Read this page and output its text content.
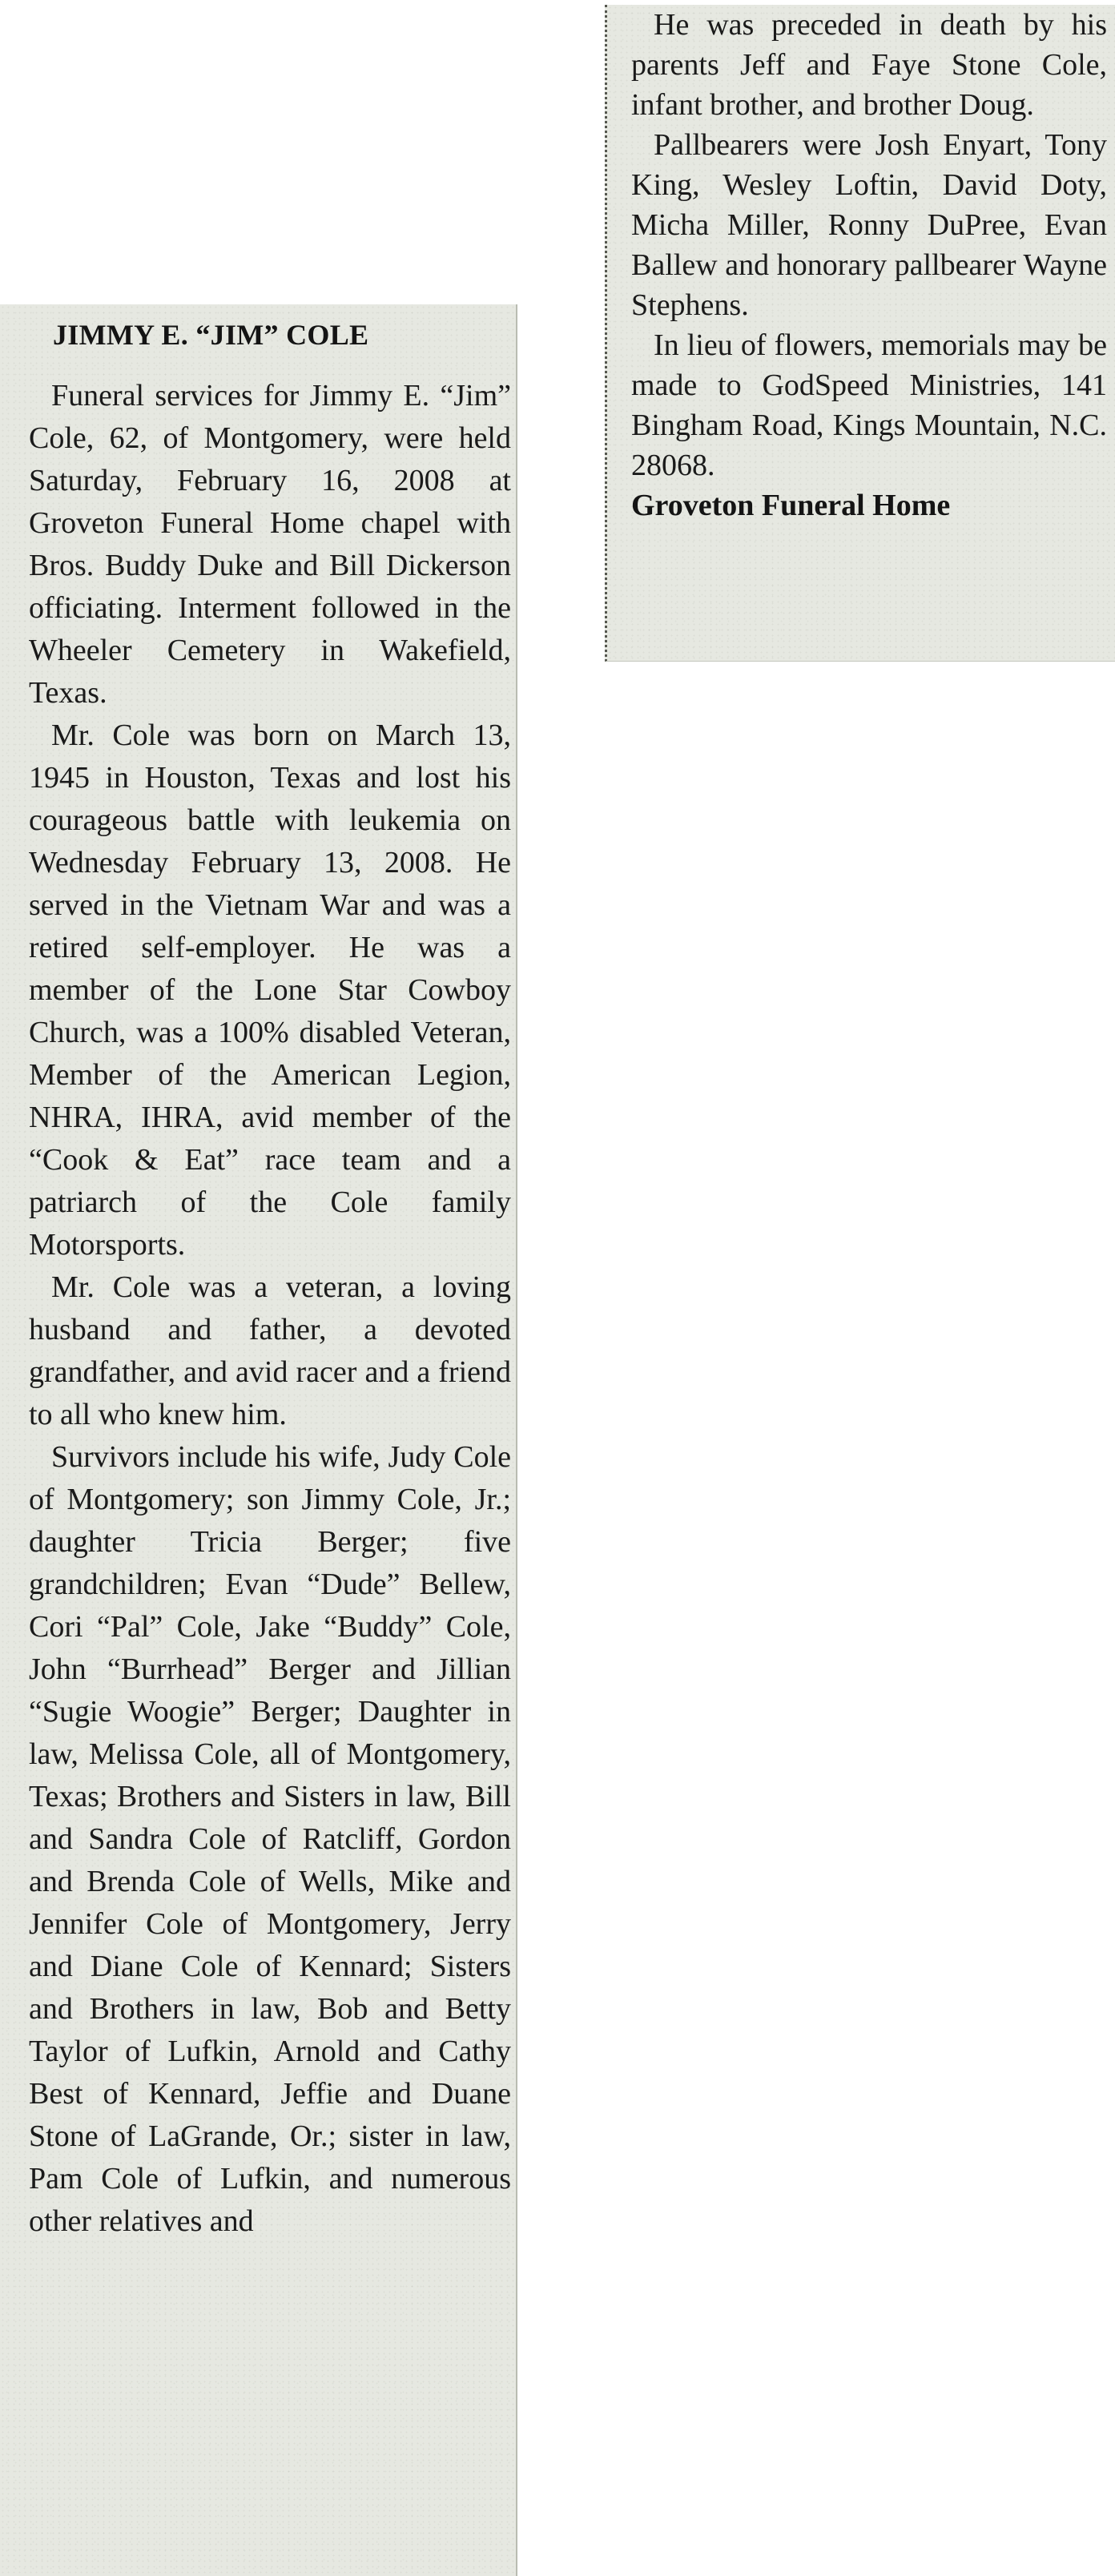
He was preceded in death by his parents Jeff and Faye Stone Cole, infant brother, and brother Doug.

Pallbearers were Josh Enyart, Tony King, Wesley Loftin, David Doty, Micha Miller, Ronny DuPree, Evan Ballew and honorary pallbearer Wayne Stephens.

In lieu of flowers, memorials may be made to GodSpeed Ministries, 141 Bingham Road, Kings Mountain, N.C. 28068.

Groveton Funeral Home

JIMMY E. “JIM” COLE

Funeral services for Jimmy E. “Jim” Cole, 62, of Montgomery, were held Saturday, February 16, 2008 at Groveton Funeral Home chapel with Bros. Buddy Duke and Bill Dickerson officiating. Interment followed in the Wheeler Cemetery in Wakefield, Texas.

Mr. Cole was born on March 13, 1945 in Houston, Texas and lost his courageous battle with leukemia on Wednesday February 13, 2008. He served in the Vietnam War and was a retired self-employer. He was a member of the Lone Star Cowboy Church, was a 100% disabled Veteran, Member of the American Legion, NHRA, IHRA, avid member of the “Cook & Eat” race team and a patriarch of the Cole family Motorsports.

Mr. Cole was a veteran, a loving husband and father, a devoted grandfather, and avid racer and a friend to all who knew him.

Survivors include his wife, Judy Cole of Montgomery; son Jimmy Cole, Jr.; daughter Tricia Berger; five grandchildren; Evan “Dude” Bellew, Cori “Pal” Cole, Jake “Buddy” Cole, John “Burrhead” Berger and Jillian “Sugie Woogie” Berger; Daughter in law, Melissa Cole, all of Montgomery, Texas; Brothers and Sisters in law, Bill and Sandra Cole of Ratcliff, Gordon and Brenda Cole of Wells, Mike and Jennifer Cole of Montgomery, Jerry and Diane Cole of Kennard; Sisters and Brothers in law, Bob and Betty Taylor of Lufkin, Arnold and Cathy Best of Kennard, Jeffie and Duane Stone of LaGrande, Or.; sister in law, Pam Cole of Lufkin, and numerous other relatives and
